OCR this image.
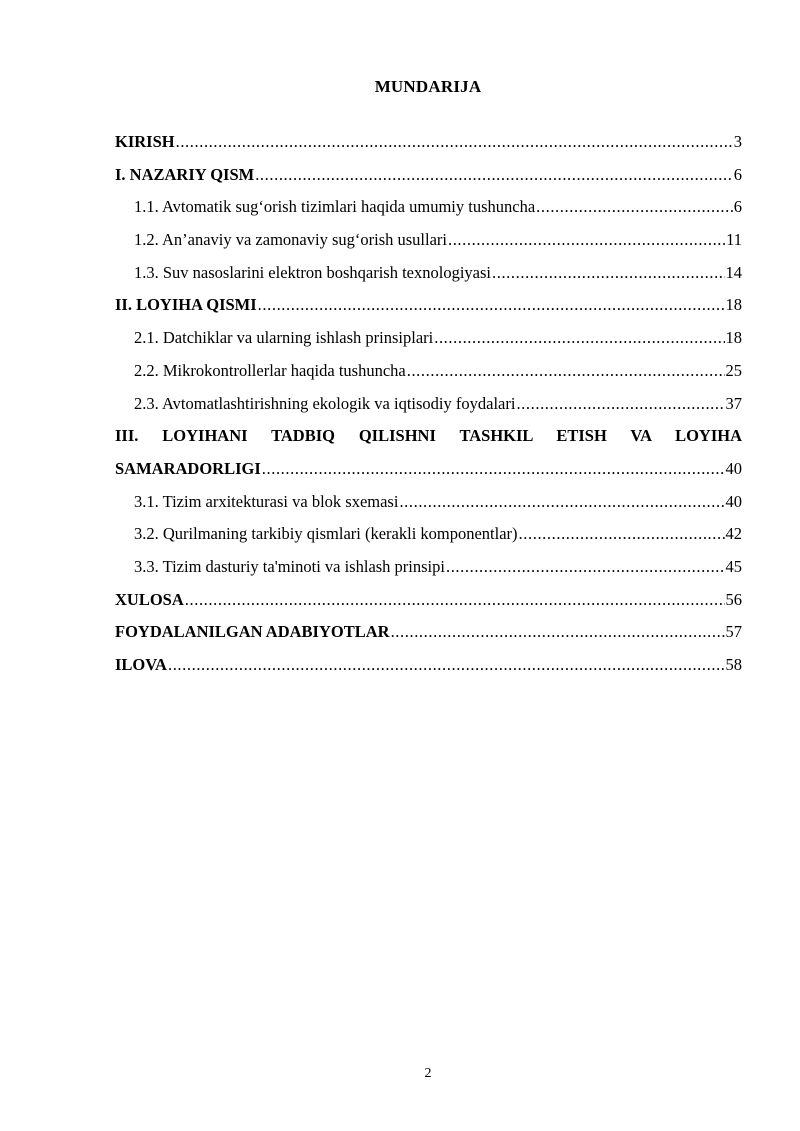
MUNDARIJA
KIRISH .....	3
I. NAZARIY QISM .....	6
1.1. Avtomatik sug‘orish tizimlari haqida umumiy tushuncha .....	6
1.2. An’anaviy va zamonaviy sug‘orish usullari .....	11
1.3. Suv nasoslarini elektron boshqarish texnologiyasi .....	14
II. LOYIHA QISMI .....	18
2.1. Datchiklar va ularning ishlash prinsiplari .....	18
2.2. Mikrokontrollerlar haqida tushuncha .....	25
2.3. Avtomatlashtirishning ekologik va iqtisodiy foydalari .....	37
III. LOYIHANI TADBIQ QILISHNI TASHKIL ETISH VA LOYIHA
SAMARADORLIGI .....	40
3.1. Tizim arxitekturasi va blok sxemasi .....	40
3.2. Qurilmaning tarkibiy qismlari (kerakli komponentlar) .....	42
3.3. Tizim dasturiy ta'minoti va ishlash prinsipi .....	45
XULOSA .....	56
FOYDALANILGAN ADABIYOTLAR .....	57
ILOVA .....	58
2
